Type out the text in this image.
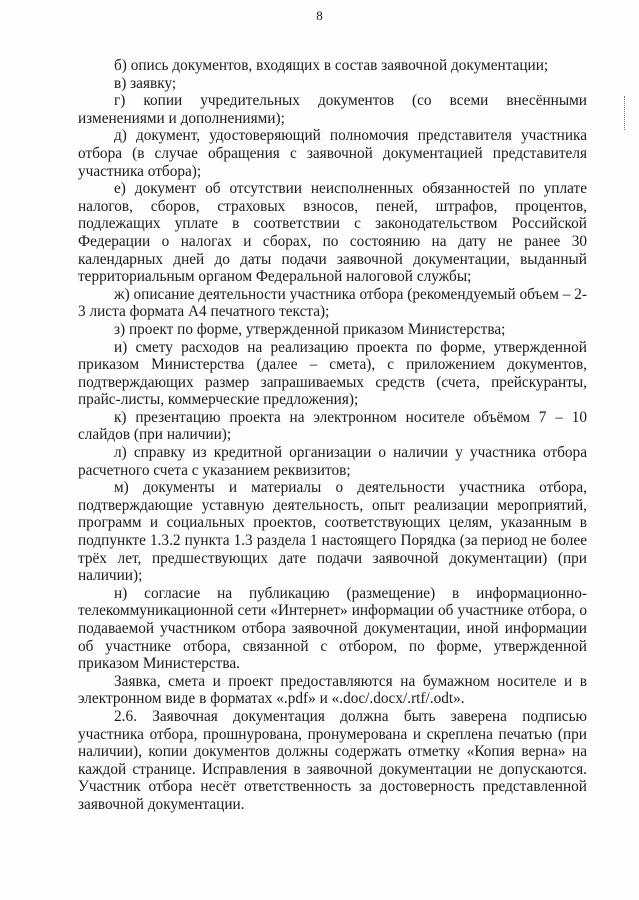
8

б) опись документов, входящих в состав заявочной документации;

в) заявку;

г) копии учредительных документов (со всеми внесёнными изменениями и дополнениями);

д) документ, удостоверяющий полномочия представителя участника отбора (в случае обращения с заявочной документацией представителя участника отбора);

е) документ об отсутствии неисполненных обязанностей по уплате налогов, сборов, страховых взносов, пеней, штрафов, процентов, подлежащих уплате в соответствии с законодательством Российской Федерации о налогах и сборах, по состоянию на дату не ранее 30 календарных дней до даты подачи заявочной документации, выданный территориальным органом Федеральной налоговой службы;

ж) описание деятельности участника отбора (рекомендуемый объем – 2-3 листа формата А4 печатного текста);

з) проект по форме, утвержденной приказом Министерства;

и) смету расходов на реализацию проекта по форме, утвержденной приказом Министерства (далее – смета), с приложением документов, подтверждающих размер запрашиваемых средств (счета, прейскуранты, прайс-листы, коммерческие предложения);

к) презентацию проекта на электронном носителе объёмом 7 – 10 слайдов (при наличии);

л) справку из кредитной организации о наличии у участника отбора расчетного счета с указанием реквизитов;

м) документы и материалы о деятельности участника отбора, подтверждающие уставную деятельность, опыт реализации мероприятий, программ и социальных проектов, соответствующих целям, указанным в подпункте 1.3.2 пункта 1.3 раздела 1 настоящего Порядка (за период не более трёх лет, предшествующих дате подачи заявочной документации) (при наличии);

н) согласие на публикацию (размещение) в информационно-телекоммуникационной сети «Интернет» информации об участнике отбора, о подаваемой участником отбора заявочной документации, иной информации об участнике отбора, связанной с отбором, по форме, утвержденной приказом Министерства.

Заявка, смета и проект предоставляются на бумажном носителе и в электронном виде в форматах «.pdf» и «.doc/.docx/.rtf/.odt».

2.6. Заявочная документация должна быть заверена подписью участника отбора, прошнурована, пронумерована и скреплена печатью (при наличии), копии документов должны содержать отметку «Копия верна» на каждой странице. Исправления в заявочной документации не допускаются. Участник отбора несёт ответственность за достоверность представленной заявочной документации.
